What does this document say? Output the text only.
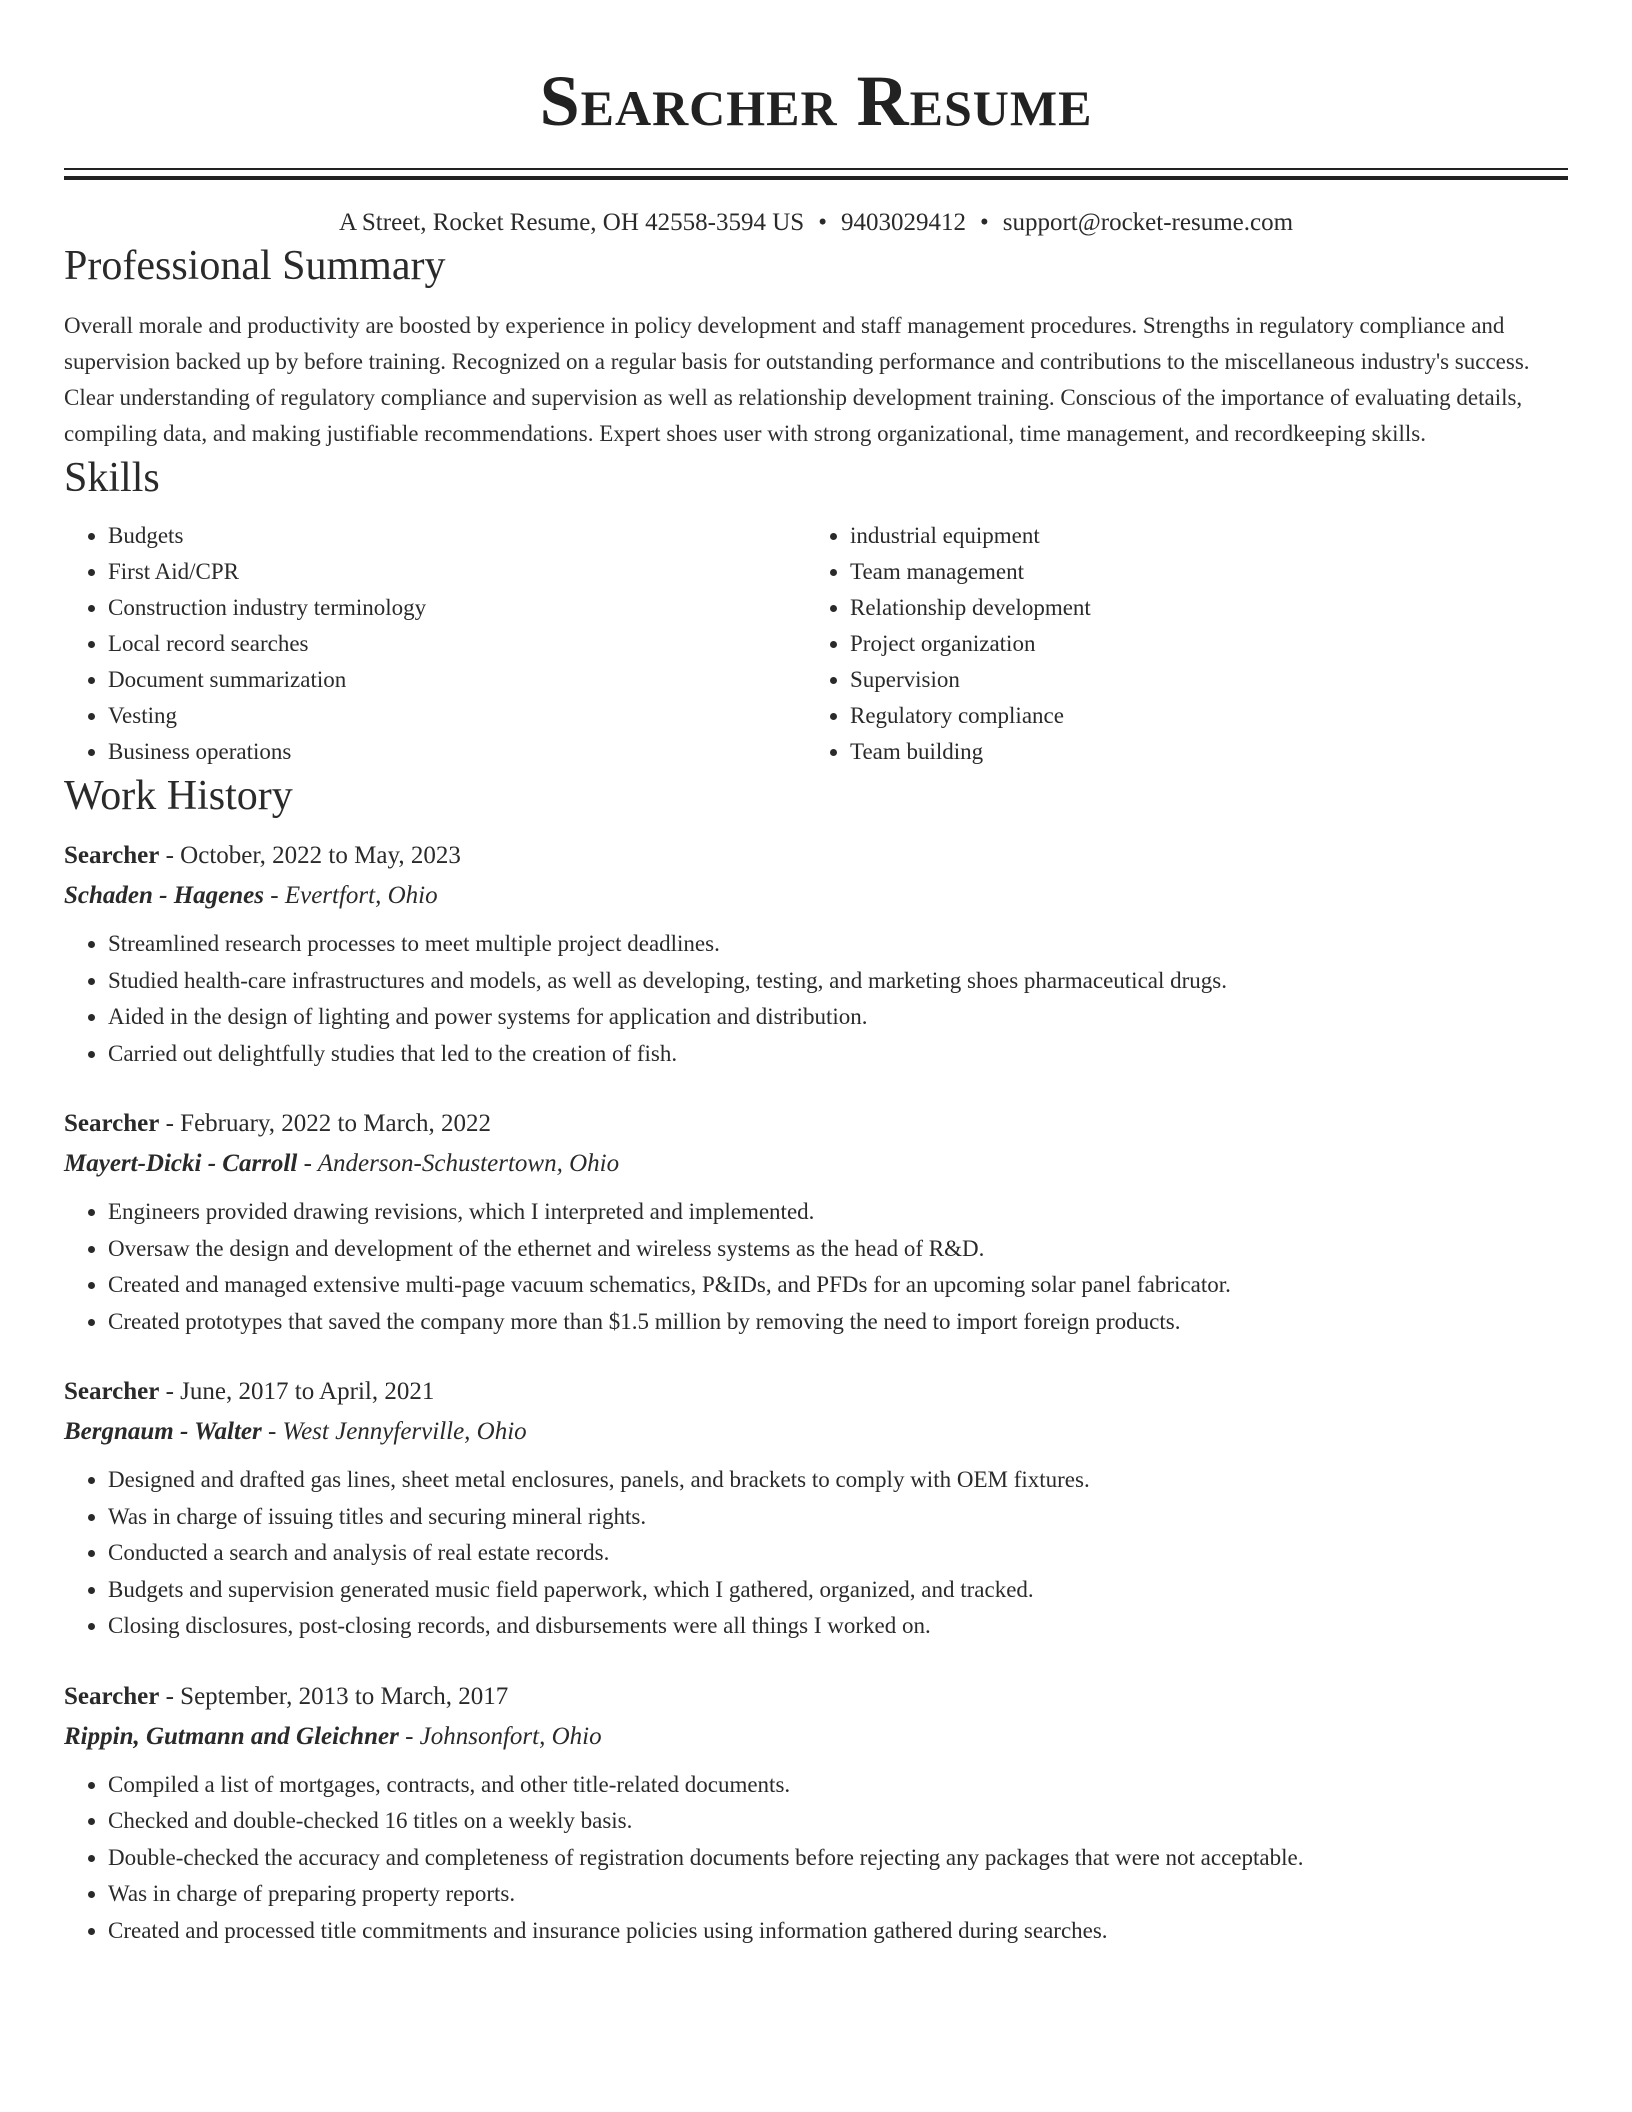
Searcher Resume
A Street, Rocket Resume, OH 42558-3594 US • 9403029412 • support@rocket-resume.com
Professional Summary

Overall morale and productivity are boosted by experience in policy development and staff management procedures. Strengths in regulatory compliance and supervision backed up by before training. Recognized on a regular basis for outstanding performance and contributions to the miscellaneous industry's success. Clear understanding of regulatory compliance and supervision as well as relationship development training. Conscious of the importance of evaluating details, compiling data, and making justifiable recommendations. Expert shoes user with strong organizational, time management, and recordkeeping skills.

Skills
• Budgets
• First Aid/CPR
• Construction industry terminology
• Local record searches
• Document summarization
• Vesting
• Business operations
• industrial equipment
• Team management
• Relationship development
• Project organization
• Supervision
• Regulatory compliance
• Team building
Work History
Searcher - October, 2022 to May, 2023
Schaden - Hagenes - Evertfort, Ohio
• Streamlined research processes to meet multiple project deadlines.
• Studied health-care infrastructures and models, as well as developing, testing, and marketing shoes pharmaceutical drugs.
• Aided in the design of lighting and power systems for application and distribution.
• Carried out delightfully studies that led to the creation of fish.
Searcher - February, 2022 to March, 2022
Mayert-Dicki - Carroll - Anderson-Schustertown, Ohio
• Engineers provided drawing revisions, which I interpreted and implemented.
• Oversaw the design and development of the ethernet and wireless systems as the head of R&D.
• Created and managed extensive multi-page vacuum schematics, P&IDs, and PFDs for an upcoming solar panel fabricator.
• Created prototypes that saved the company more than $1.5 million by removing the need to import foreign products.
Searcher - June, 2017 to April, 2021
Bergnaum - Walter - West Jennyferville, Ohio
• Designed and drafted gas lines, sheet metal enclosures, panels, and brackets to comply with OEM fixtures.
• Was in charge of issuing titles and securing mineral rights.
• Conducted a search and analysis of real estate records.
• Budgets and supervision generated music field paperwork, which I gathered, organized, and tracked.
• Closing disclosures, post-closing records, and disbursements were all things I worked on.
Searcher - September, 2013 to March, 2017
Rippin, Gutmann and Gleichner - Johnsonfort, Ohio
• Compiled a list of mortgages, contracts, and other title-related documents.
• Checked and double-checked 16 titles on a weekly basis.
• Double-checked the accuracy and completeness of registration documents before rejecting any packages that were not acceptable.
• Was in charge of preparing property reports.
• Created and processed title commitments and insurance policies using information gathered during searches.
